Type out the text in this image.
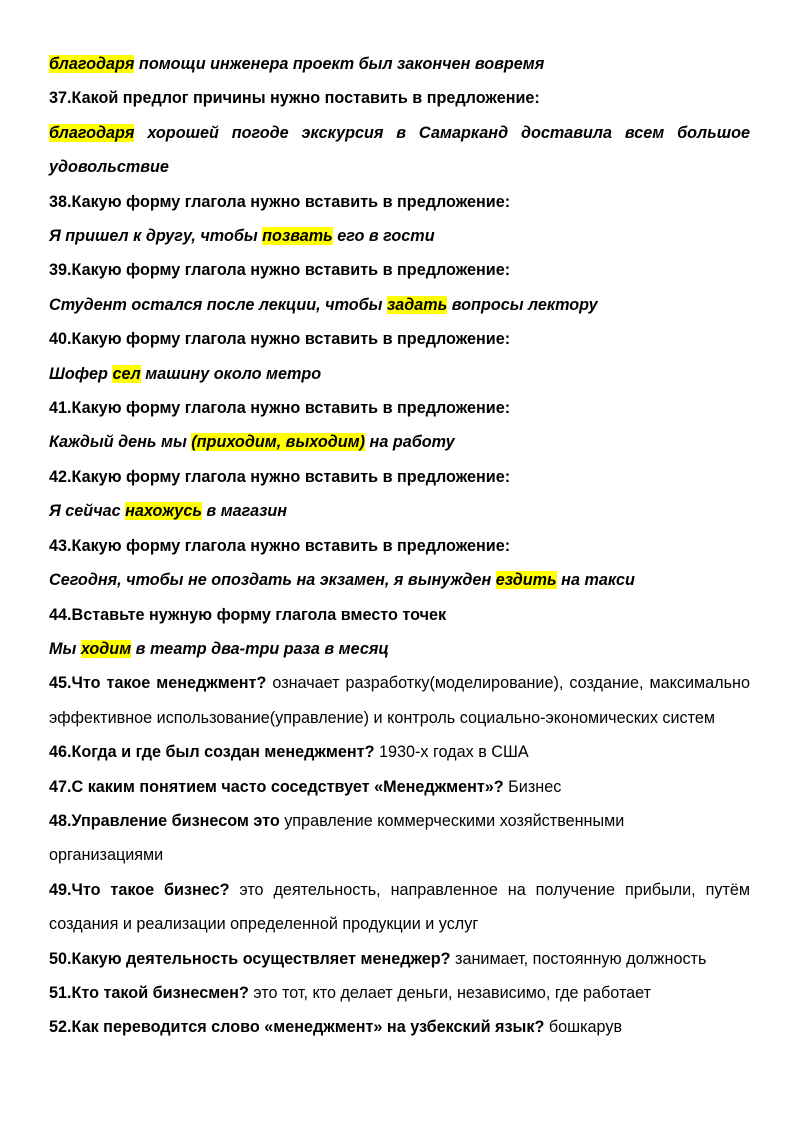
благодаря помощи инженера проект был закончен вовремя
37.Какой предлог причины нужно поставить в предложение:
благодаря хорошей погоде экскурсия в Самарканд доставила всем большое удовольствие
38.Какую форму глагола нужно вставить в предложение:
Я пришел к другу, чтобы позвать его в гости
39.Какую форму глагола нужно вставить в предложение:
Студент остался после лекции, чтобы задать вопросы лектору
40.Какую форму глагола нужно вставить в предложение:
Шофер сел машину около метро
41.Какую форму глагола нужно вставить в предложение:
Каждый день мы (приходим, выходим) на работу
42.Какую форму глагола нужно вставить в предложение:
Я сейчас нахожусь в магазин
43.Какую форму глагола нужно вставить в предложение:
Сегодня, чтобы не опоздать на экзамен, я вынужден ездить на такси
44.Вставьте нужную форму глагола вместо точек
Мы ходим в театр два-три раза в месяц
45.Что такое менеджмент? означает разработку(моделирование), создание, максимально эффективное использование(управление) и контроль социально-экономических систем
46.Когда и где был создан менеджмент? 1930-х годах в США
47.С каким понятием часто соседствует «Менеджмент»? Бизнес
48.Управление бизнесом это управление коммерческими хозяйственными организациями
49.Что такое бизнес? это деятельность, направленное на получение прибыли, путём создания и реализации определенной продукции и услуг
50.Какую деятельность осуществляет менеджер? занимает, постоянную должность
51.Кто такой бизнесмен? это тот, кто делает деньги, независимо, где работает
52.Как переводится слово «менеджмент» на узбекский язык? бошкарув
